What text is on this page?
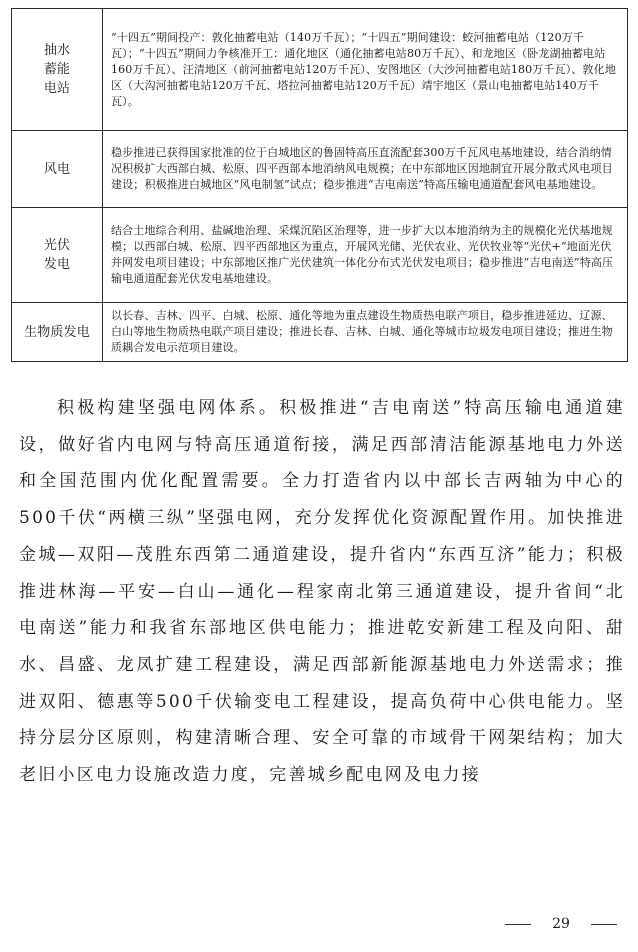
抽水
蓄能
电站	“十四五”期间投产：敦化抽蓄电站（140万千瓦）；“十四五”期间建设：蛟河抽蓄电站（120万千瓦）；“十四五”期间力争核准开工：通化地区（通化抽蓄电站80万千瓦）、和龙地区（卧龙湖抽蓄电站160万千瓦）、汪清地区（前河抽蓄电站120万千瓦）、安图地区（大沙河抽蓄电站180万千瓦）、敦化地区（大沟河抽蓄电站120万千瓦、塔拉河抽蓄电站120万千瓦）靖宇地区（景山电抽蓄电站140万千瓦）。
风电	稳步推进已获得国家批准的位于白城地区的鲁固特高压直流配套300万千瓦风电基地建设，结合消纳情况积极扩大西部白城、松原、四平西部本地消纳风电规模；在中东部地区因地制宜开展分散式风电项目建设；积极推进白城地区“风电制氢”试点；稳步推进“吉电南送”特高压输电通道配套风电基地建设。
光伏
发电	结合土地综合利用、盐碱地治理、采煤沉陷区治理等，进一步扩大以本地消纳为主的规模化光伏基地规模；以西部白城、松原、四平西部地区为重点，开展风光储、光伏农业、光伏牧业等“光伏+”地面光伏并网发电项目建设；中东部地区推广光伏建筑一体化分布式光伏发电项目；稳步推进“吉电南送”特高压输电通道配套光伏发电基地建设。
生物质发电	以长春、吉林、四平、白城、松原、通化等地为重点建设生物质热电联产项目，稳步推进延边、辽源、白山等地生物质热电联产项目建设；推进长春、吉林、白城、通化等城市垃圾发电项目建设；推进生物质耦合发电示范项目建设。

积极构建坚强电网体系。积极推进“吉电南送”特高压输电通道建设，做好省内电网与特高压通道衔接，满足西部清洁能源基地电力外送和全国范围内优化配置需要。全力打造省内以中部长吉两轴为中心的500千伏“两横三纵”坚强电网，充分发挥优化资源配置作用。加快推进金城—双阳—茂胜东西第二通道建设，提升省内“东西互济”能力；积极推进林海—平安—白山—通化—程家南北第三通道建设，提升省间“北电南送”能力和我省东部地区供电能力；推进乾安新建工程及向阳、甜水、昌盛、龙凤扩建工程建设，满足西部新能源基地电力外送需求；推进双阳、德惠等500千伏输变电工程建设，提高负荷中心供电能力。坚持分层分区原则，构建清晰合理、安全可靠的市域骨干网架结构；加大老旧小区电力设施改造力度，完善城乡配电网及电力接

29
